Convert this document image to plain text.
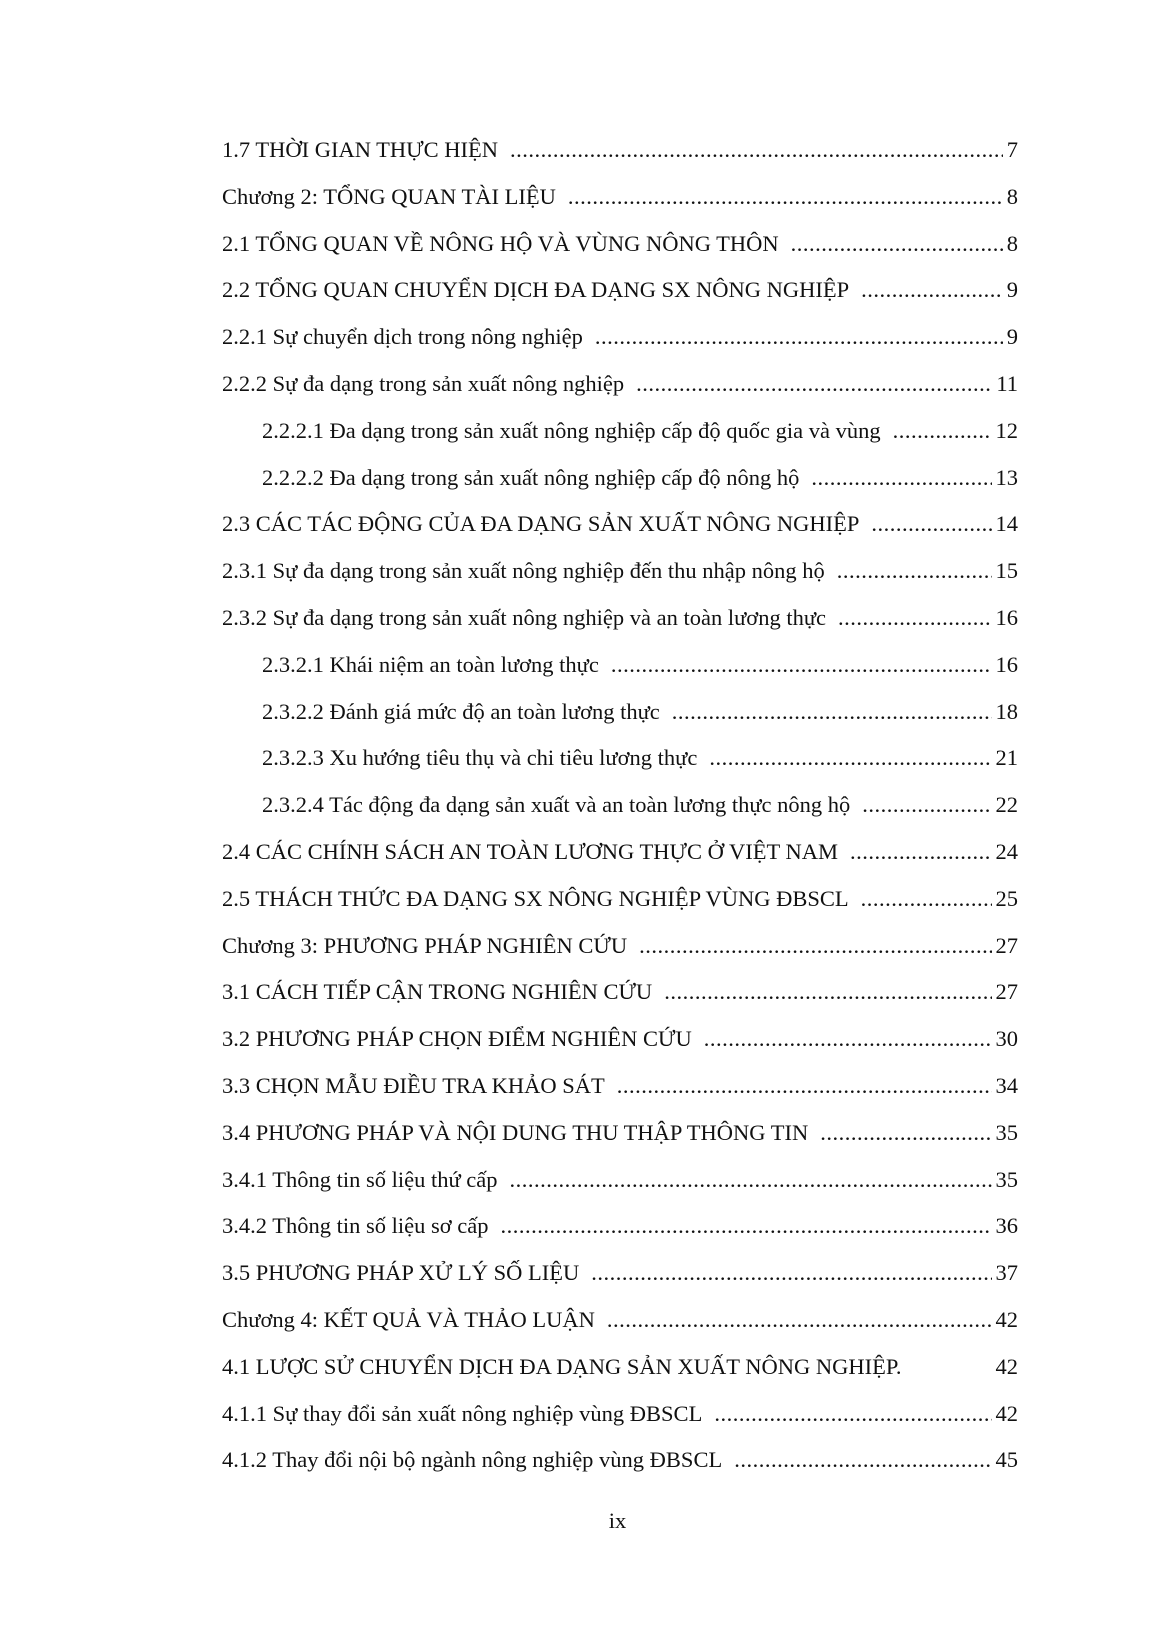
1.7 THỜI GIAN THỰC HIỆN .....	7
Chương 2: TỔNG QUAN TÀI LIỆU .....	8
2.1 TỔNG QUAN VỀ NÔNG HỘ VÀ VÙNG NÔNG THÔN .....	8
2.2 TỔNG QUAN CHUYỂN DỊCH ĐA DẠNG SX NÔNG NGHIỆP .....	9
2.2.1 Sự chuyển dịch trong nông nghiệp .....	9
2.2.2 Sự đa dạng trong sản xuất nông nghiệp .....	11
2.2.2.1 Đa dạng trong sản xuất nông nghiệp cấp độ quốc gia và vùng .....	12
2.2.2.2 Đa dạng trong sản xuất nông nghiệp cấp độ nông hộ .....	13
2.3 CÁC TÁC ĐỘNG CỦA ĐA DẠNG SẢN XUẤT NÔNG NGHIỆP .....	14
2.3.1 Sự đa dạng trong sản xuất nông nghiệp đến thu nhập nông hộ .....	15
2.3.2 Sự đa dạng trong sản xuất nông nghiệp và an toàn lương thực .....	16
2.3.2.1 Khái niệm an toàn lương thực .....	16
2.3.2.2 Đánh giá mức độ an toàn lương thực .....	18
2.3.2.3 Xu hướng tiêu thụ và chi tiêu lương thực .....	21
2.3.2.4 Tác động đa dạng sản xuất và an toàn lương thực nông hộ .....	22
2.4 CÁC CHÍNH SÁCH AN TOÀN LƯƠNG THỰC Ở VIỆT NAM .....	24
2.5 THÁCH THỨC ĐA DẠNG SX NÔNG NGHIỆP VÙNG ĐBSCL .....	25
Chương 3: PHƯƠNG PHÁP NGHIÊN CỨU .....	27
3.1 CÁCH TIẾP CẬN TRONG NGHIÊN CỨU .....	27
3.2 PHƯƠNG PHÁP CHỌN ĐIỂM NGHIÊN CỨU .....	30
3.3 CHỌN MẪU ĐIỀU TRA KHẢO SÁT .....	34
3.4 PHƯƠNG PHÁP VÀ NỘI DUNG THU THẬP THÔNG TIN .....	35
3.4.1 Thông tin số liệu thứ cấp .....	35
3.4.2 Thông tin số liệu sơ cấp .....	36
3.5 PHƯƠNG PHÁP XỬ LÝ SỐ LIỆU .....	37
Chương 4: KẾT QUẢ VÀ THẢO LUẬN .....	42
4.1 LƯỢC SỬ CHUYỂN DỊCH ĐA DẠNG SẢN XUẤT NÔNG NGHIỆP.	42
4.1.1 Sự thay đổi sản xuất nông nghiệp vùng ĐBSCL .....	42
4.1.2 Thay đổi nội bộ ngành nông nghiệp vùng ĐBSCL .....	45
ix
